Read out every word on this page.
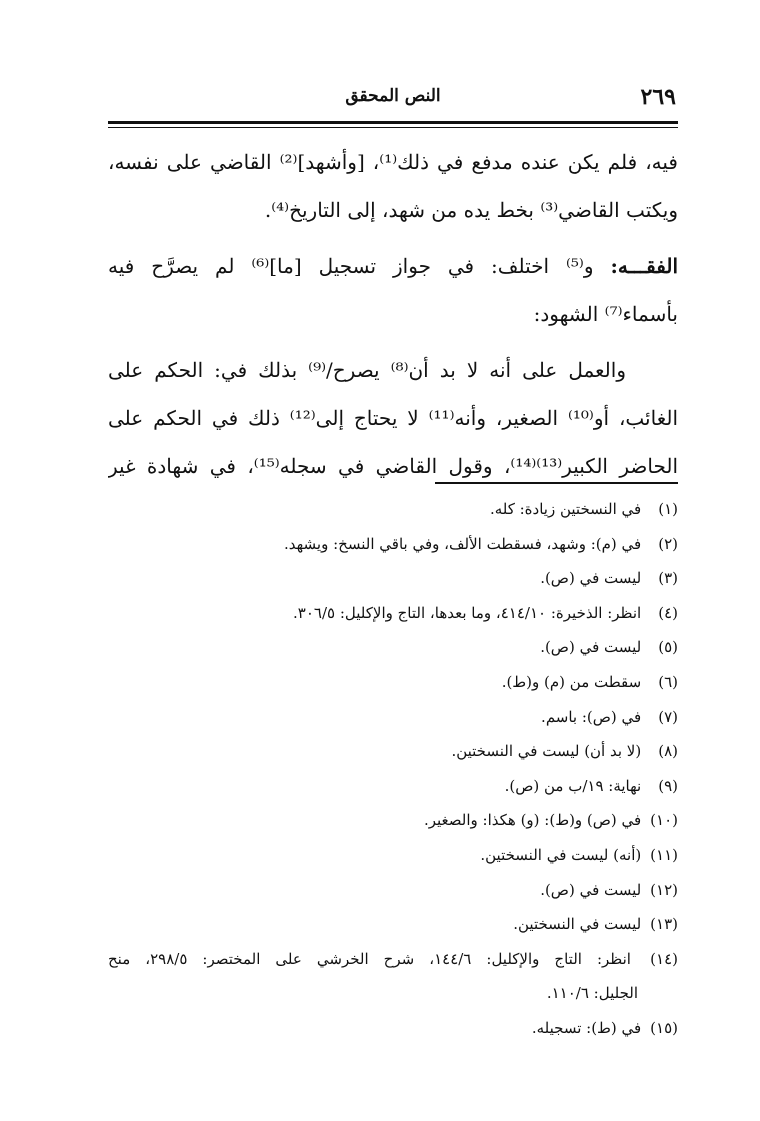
٢٦٩
النص المحقق
فيه، فلم يكن عنده مدفع في ذلك⁽¹⁾، [وأشهد]⁽²⁾ القاضي على نفسه،
ويكتب القاضي⁽³⁾ بخط يده من شهد، إلى التاريخ⁽⁴⁾.
الفقـــه: و⁽⁵⁾ اختلف: في جواز تسجيل [ما]⁽⁶⁾ لم يصرَّح فيه
بأسماء⁽⁷⁾ الشهود:
والعمل على أنه لا بد أن⁽⁸⁾ يصرح/⁽⁹⁾ بذلك في: الحكم على
الغائب، أو⁽¹⁰⁾ الصغير، وأنه⁽¹¹⁾ لا يحتاج إلى⁽¹²⁾ ذلك في الحكم على
الحاضر الكبير⁽¹³⁾⁽¹⁴⁾، وقول القاضي في سجله⁽¹⁵⁾، في شهادة غير
(١) في النسختين زيادة: كله.
(٢) في (م): وشهد، فسقطت الألف، وفي باقي النسخ: ويشهد.
(٣) ليست في (ص).
(٤) انظر: الذخيرة: ٤١٤/١٠، وما بعدها، التاج والإكليل: ٣٠٦/٥.
(٥) ليست في (ص).
(٦) سقطت من (م) و(ط).
(٧) في (ص): باسم.
(٨) (لا بد أن) ليست في النسختين.
(٩) نهاية: ١٩/ب من (ص).
(١٠) في (ص) و(ط): (و) هكذا: والصغير.
(١١) (أنه) ليست في النسختين.
(١٢) ليست في (ص).
(١٣) ليست في النسختين.
(١٤) انظر: التاج والإكليل: ١٤٤/٦، شرح الخرشي على المختصر: ٢٩٨/٥، منح
الجليل: ١١٠/٦.
(١٥) في (ط): تسجيله.
